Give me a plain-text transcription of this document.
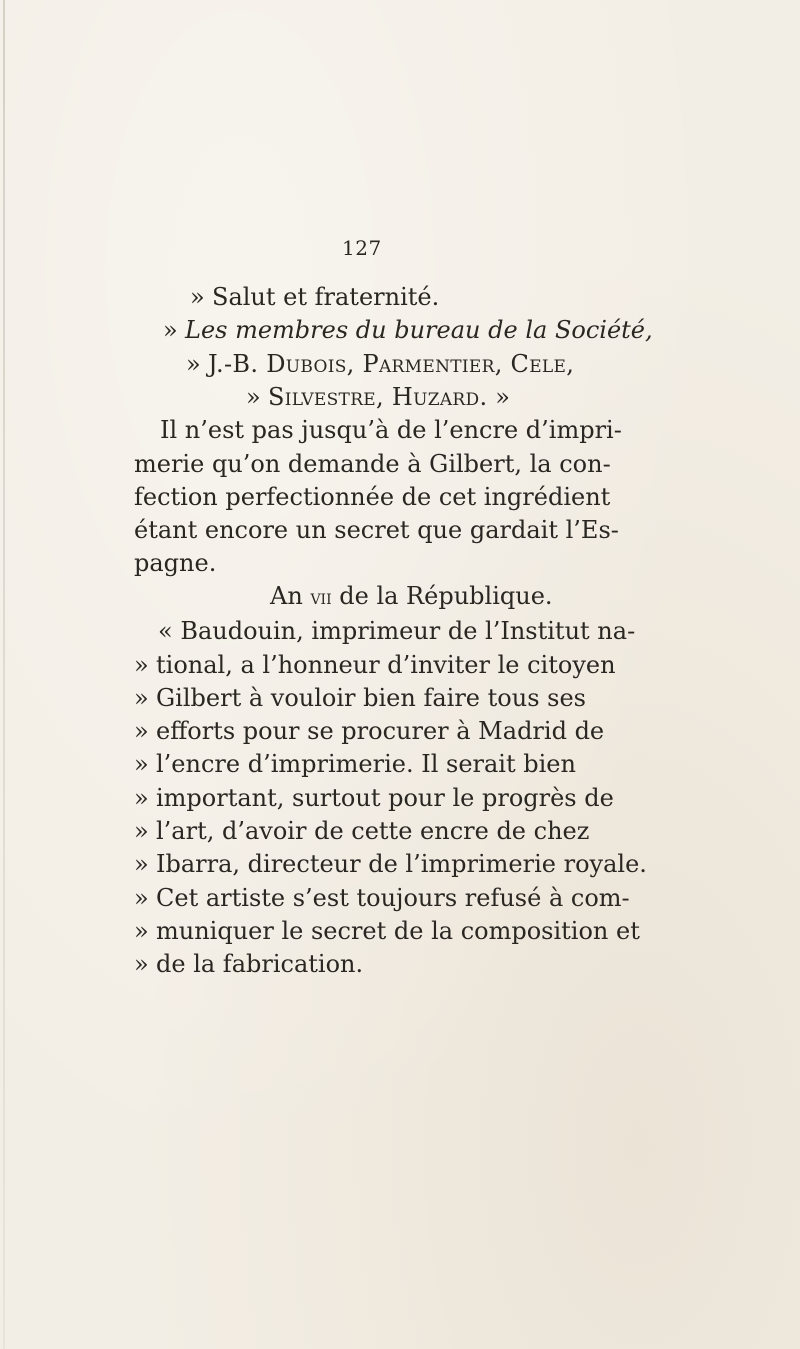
127
» Salut et fraternité.
» Les membres du bureau de la Société,
» J.-B. Dubois, Parmentier, Cele,
» Silvestre, Huzard. »
Il n’est pas jusqu’à de l’encre d’impri-
merie qu’on demande à Gilbert, la con-
fection perfectionnée de cet ingrédient
étant encore un secret que gardait l’Es-
pagne.
An vii de la République.
« Baudouin, imprimeur de l’Institut na-
» tional, a l’honneur d’inviter le citoyen
» Gilbert à vouloir bien faire tous ses
» efforts pour se procurer à Madrid de
» l’encre d’imprimerie. Il serait bien
» important, surtout pour le progrès de
» l’art, d’avoir de cette encre de chez
» Ibarra, directeur de l’imprimerie royale.
» Cet artiste s’est toujours refusé à com-
» muniquer le secret de la composition et
» de la fabrication.
